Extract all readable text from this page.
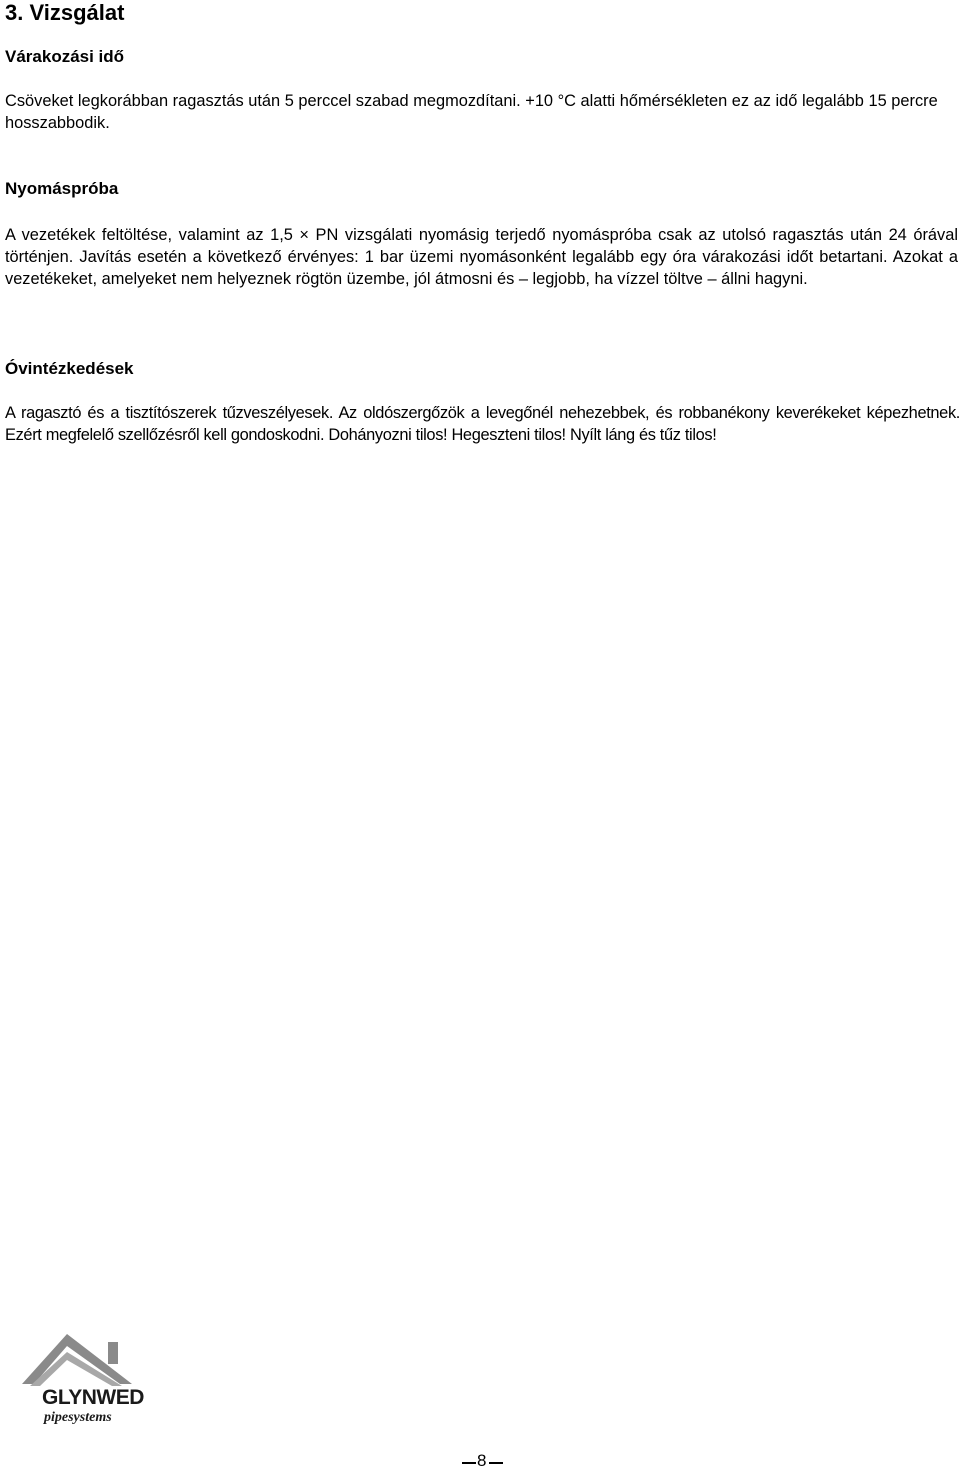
3. Vizsgálat
Várakozási idő

Csöveket legkorábban ragasztás után 5 perccel szabad megmozdítani. +10 °C alatti hőmérsékleten ez az idő legalább 15 percre hosszabbodik.

Nyomáspróba

A vezetékek feltöltése, valamint az 1,5 × PN vizsgálati nyomásig terjedő nyomáspróba csak az utolsó ragasztás után 24 órával történjen. Javítás esetén a következő érvényes: 1 bar üzemi nyomásonként legalább egy óra várakozási időt betartani. Azokat a vezetékeket, amelyeket nem helyeznek rögtön üzembe, jól átmosni és – legjobb, ha vízzel töltve – állni hagyni.

Óvintézkedések

A ragasztó és a tisztítószerek tűzveszélyesek. Az oldószergőzök a levegőnél nehezebbek, és robbanékony keverékeket képezhetnek. Ezért megfelelő szellőzésről kell gondoskodni. Dohányozni tilos! Hegeszteni tilos! Nyílt láng és tűz tilos!

GLYNWED
pipesystems
8
